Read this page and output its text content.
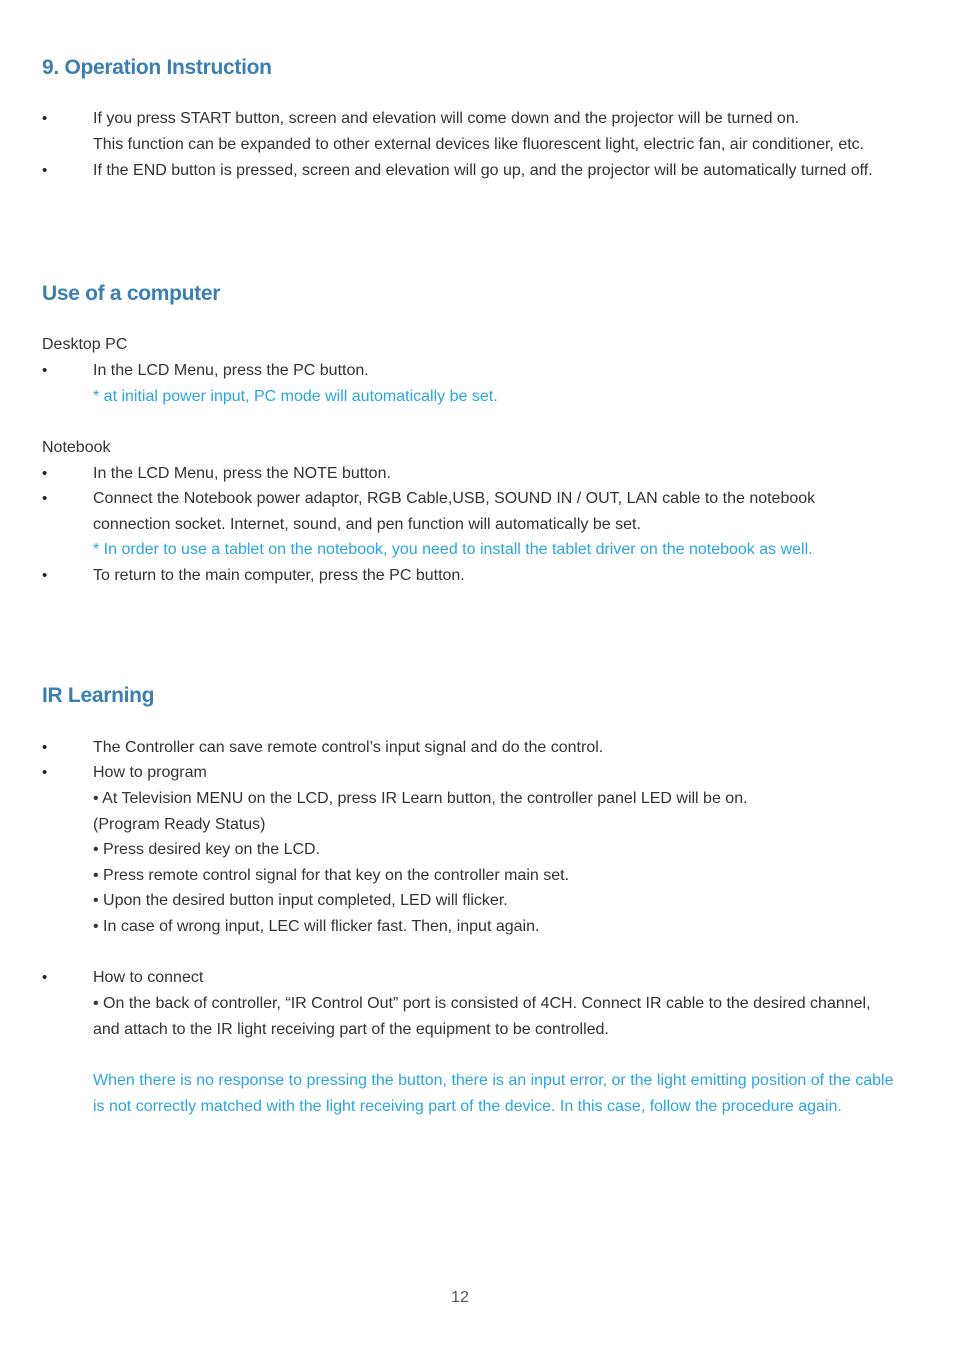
9. Operation Instruction
•	If you press START button, screen and elevation will come down and the projector will be turned on.
This function can be expanded to other external devices like fluorescent light, electric fan, air conditioner, etc.
•	If the END button is pressed, screen and elevation will go up, and the projector will be automatically turned off.
Use of a computer
Desktop PC
•	In the LCD Menu, press the PC button.
* at initial power input, PC mode will automatically be set.
Notebook
•	In the LCD Menu, press the NOTE button.
•	Connect the Notebook power adaptor, RGB Cable,USB, SOUND IN / OUT, LAN cable to the notebook
connection socket. Internet, sound, and pen function will automatically be set.
* In order to use a tablet on the notebook, you need to install the tablet driver on the notebook as well.
•	To return to the main computer, press the PC button.
IR Learning
•	The Controller can save remote control’s input signal and do the control.
•	How to program
• At Television MENU on the LCD, press IR Learn button, the controller panel LED will be on.
(Program Ready Status)
• Press desired key on the LCD.
• Press remote control signal for that key on the controller main set.
• Upon the desired button input completed, LED will flicker.
• In case of wrong input, LEC will flicker fast. Then, input again.
•	How to connect
• On the back of controller, “IR Control Out” port is consisted of 4CH. Connect IR cable to the desired channel,
and attach to the IR light receiving part of the equipment to be controlled.
When there is no response to pressing the button, there is an input error, or the light emitting position of the cable
is not correctly matched with the light receiving part of the device. In this case, follow the procedure again.
12
